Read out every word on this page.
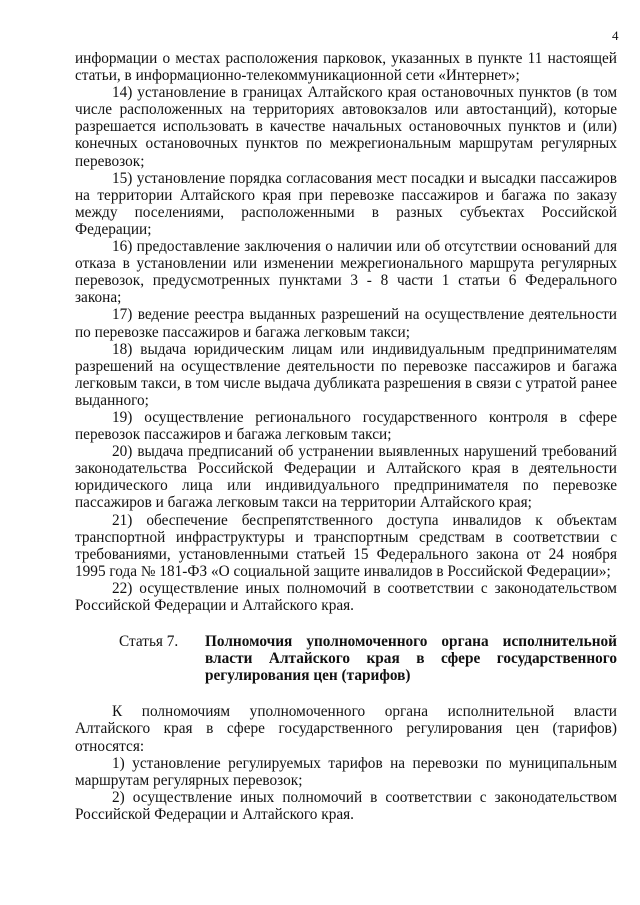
4

информации о местах расположения парковок, указанных в пункте 11 настоящей статьи, в информационно-телекоммуникационной сети «Интернет»;

14) установление в границах Алтайского края остановочных пунктов (в том числе расположенных на территориях автовокзалов или автостанций), которые разрешается использовать в качестве начальных остановочных пунктов и (или) конечных остановочных пунктов по межрегиональным маршрутам регулярных перевозок;

15) установление порядка согласования мест посадки и высадки пассажиров на территории Алтайского края при перевозке пассажиров и багажа по заказу между поселениями, расположенными в разных субъектах Российской Федерации;

16) предоставление заключения о наличии или об отсутствии оснований для отказа в установлении или изменении межрегионального маршрута регулярных перевозок, предусмотренных пунктами 3 - 8 части 1 статьи 6 Федерального закона;

17) ведение реестра выданных разрешений на осуществление деятельности по перевозке пассажиров и багажа легковым такси;

18) выдача юридическим лицам или индивидуальным предпринимателям разрешений на осуществление деятельности по перевозке пассажиров и багажа легковым такси, в том числе выдача дубликата разрешения в связи с утратой ранее выданного;

19) осуществление регионального государственного контроля в сфере перевозок пассажиров и багажа легковым такси;

20) выдача предписаний об устранении выявленных нарушений требований законодательства Российской Федерации и Алтайского края в деятельности юридического лица или индивидуального предпринимателя по перевозке пассажиров и багажа легковым такси на территории Алтайского края;

21) обеспечение беспрепятственного доступа инвалидов к объектам транспортной инфраструктуры и транспортным средствам в соответствии с требованиями, установленными статьей 15 Федерального закона от 24 ноября 1995 года № 181-ФЗ «О социальной защите инвалидов в Российской Федерации»;

22) осуществление иных полномочий в соответствии с законодательством Российской Федерации и Алтайского края.

Статья 7.	Полномочия уполномоченного органа исполнительной власти Алтайского края в сфере государственного регулирования цен (тарифов)

К полномочиям уполномоченного органа исполнительной власти Алтайского края в сфере государственного регулирования цен (тарифов) относятся:

1) установление регулируемых тарифов на перевозки по муниципальным маршрутам регулярных перевозок;

2) осуществление иных полномочий в соответствии с законодательством Российской Федерации и Алтайского края.
